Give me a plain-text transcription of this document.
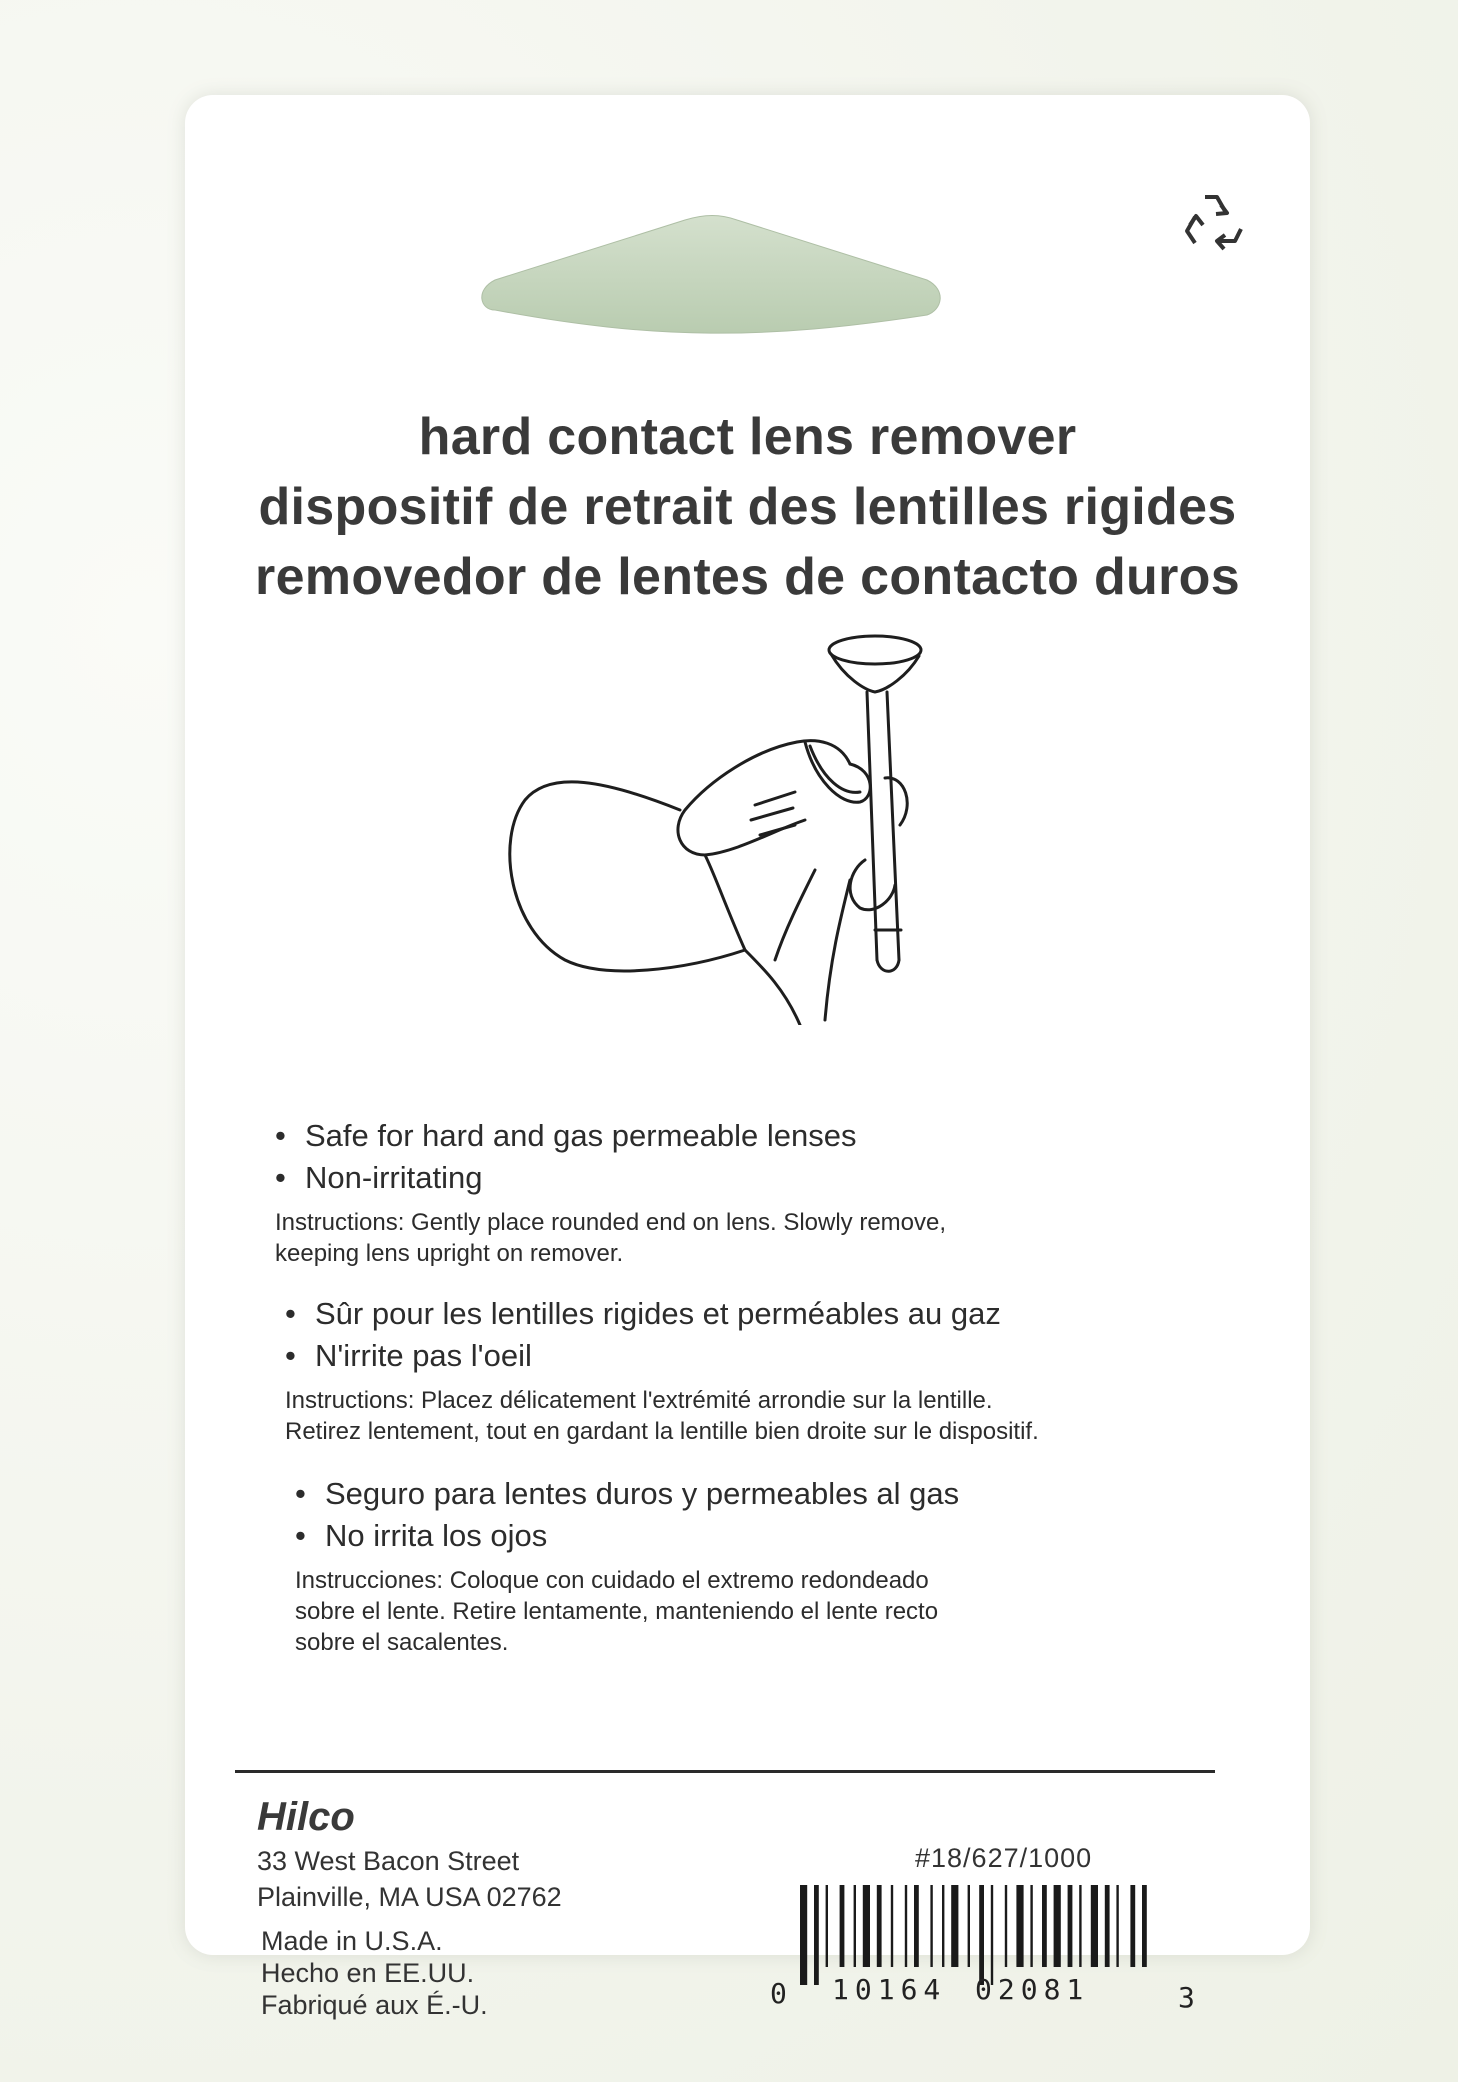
hard contact lens remover
dispositif de retrait des lentilles rigides
removedor de lentes de contacto duros

• Safe for hard and gas permeable lenses

• Non-irritating

Instructions: Gently place rounded end on lens. Slowly remove,
keeping lens upright on remover.

• Sûr pour les lentilles rigides et perméables au gaz

• N'irrite pas l'oeil

Instructions: Placez délicatement l'extrémité arrondie sur la lentille.
Retirez lentement, tout en gardant la lentille bien droite sur le dispositif.

• Seguro para lentes duros y permeables al gas

• No irrita los ojos

Instrucciones: Coloque con cuidado el extremo redondeado
sobre el lente. Retire lentamente, manteniendo el lente recto
sobre el sacalentes.

Hilco

33 West Bacon Street
Plainville, MA USA 02762

Made in U.S.A.
Hecho en EE.UU.
Fabriqué aux É.-U.

#18/627/1000

0 10164 02081	3
